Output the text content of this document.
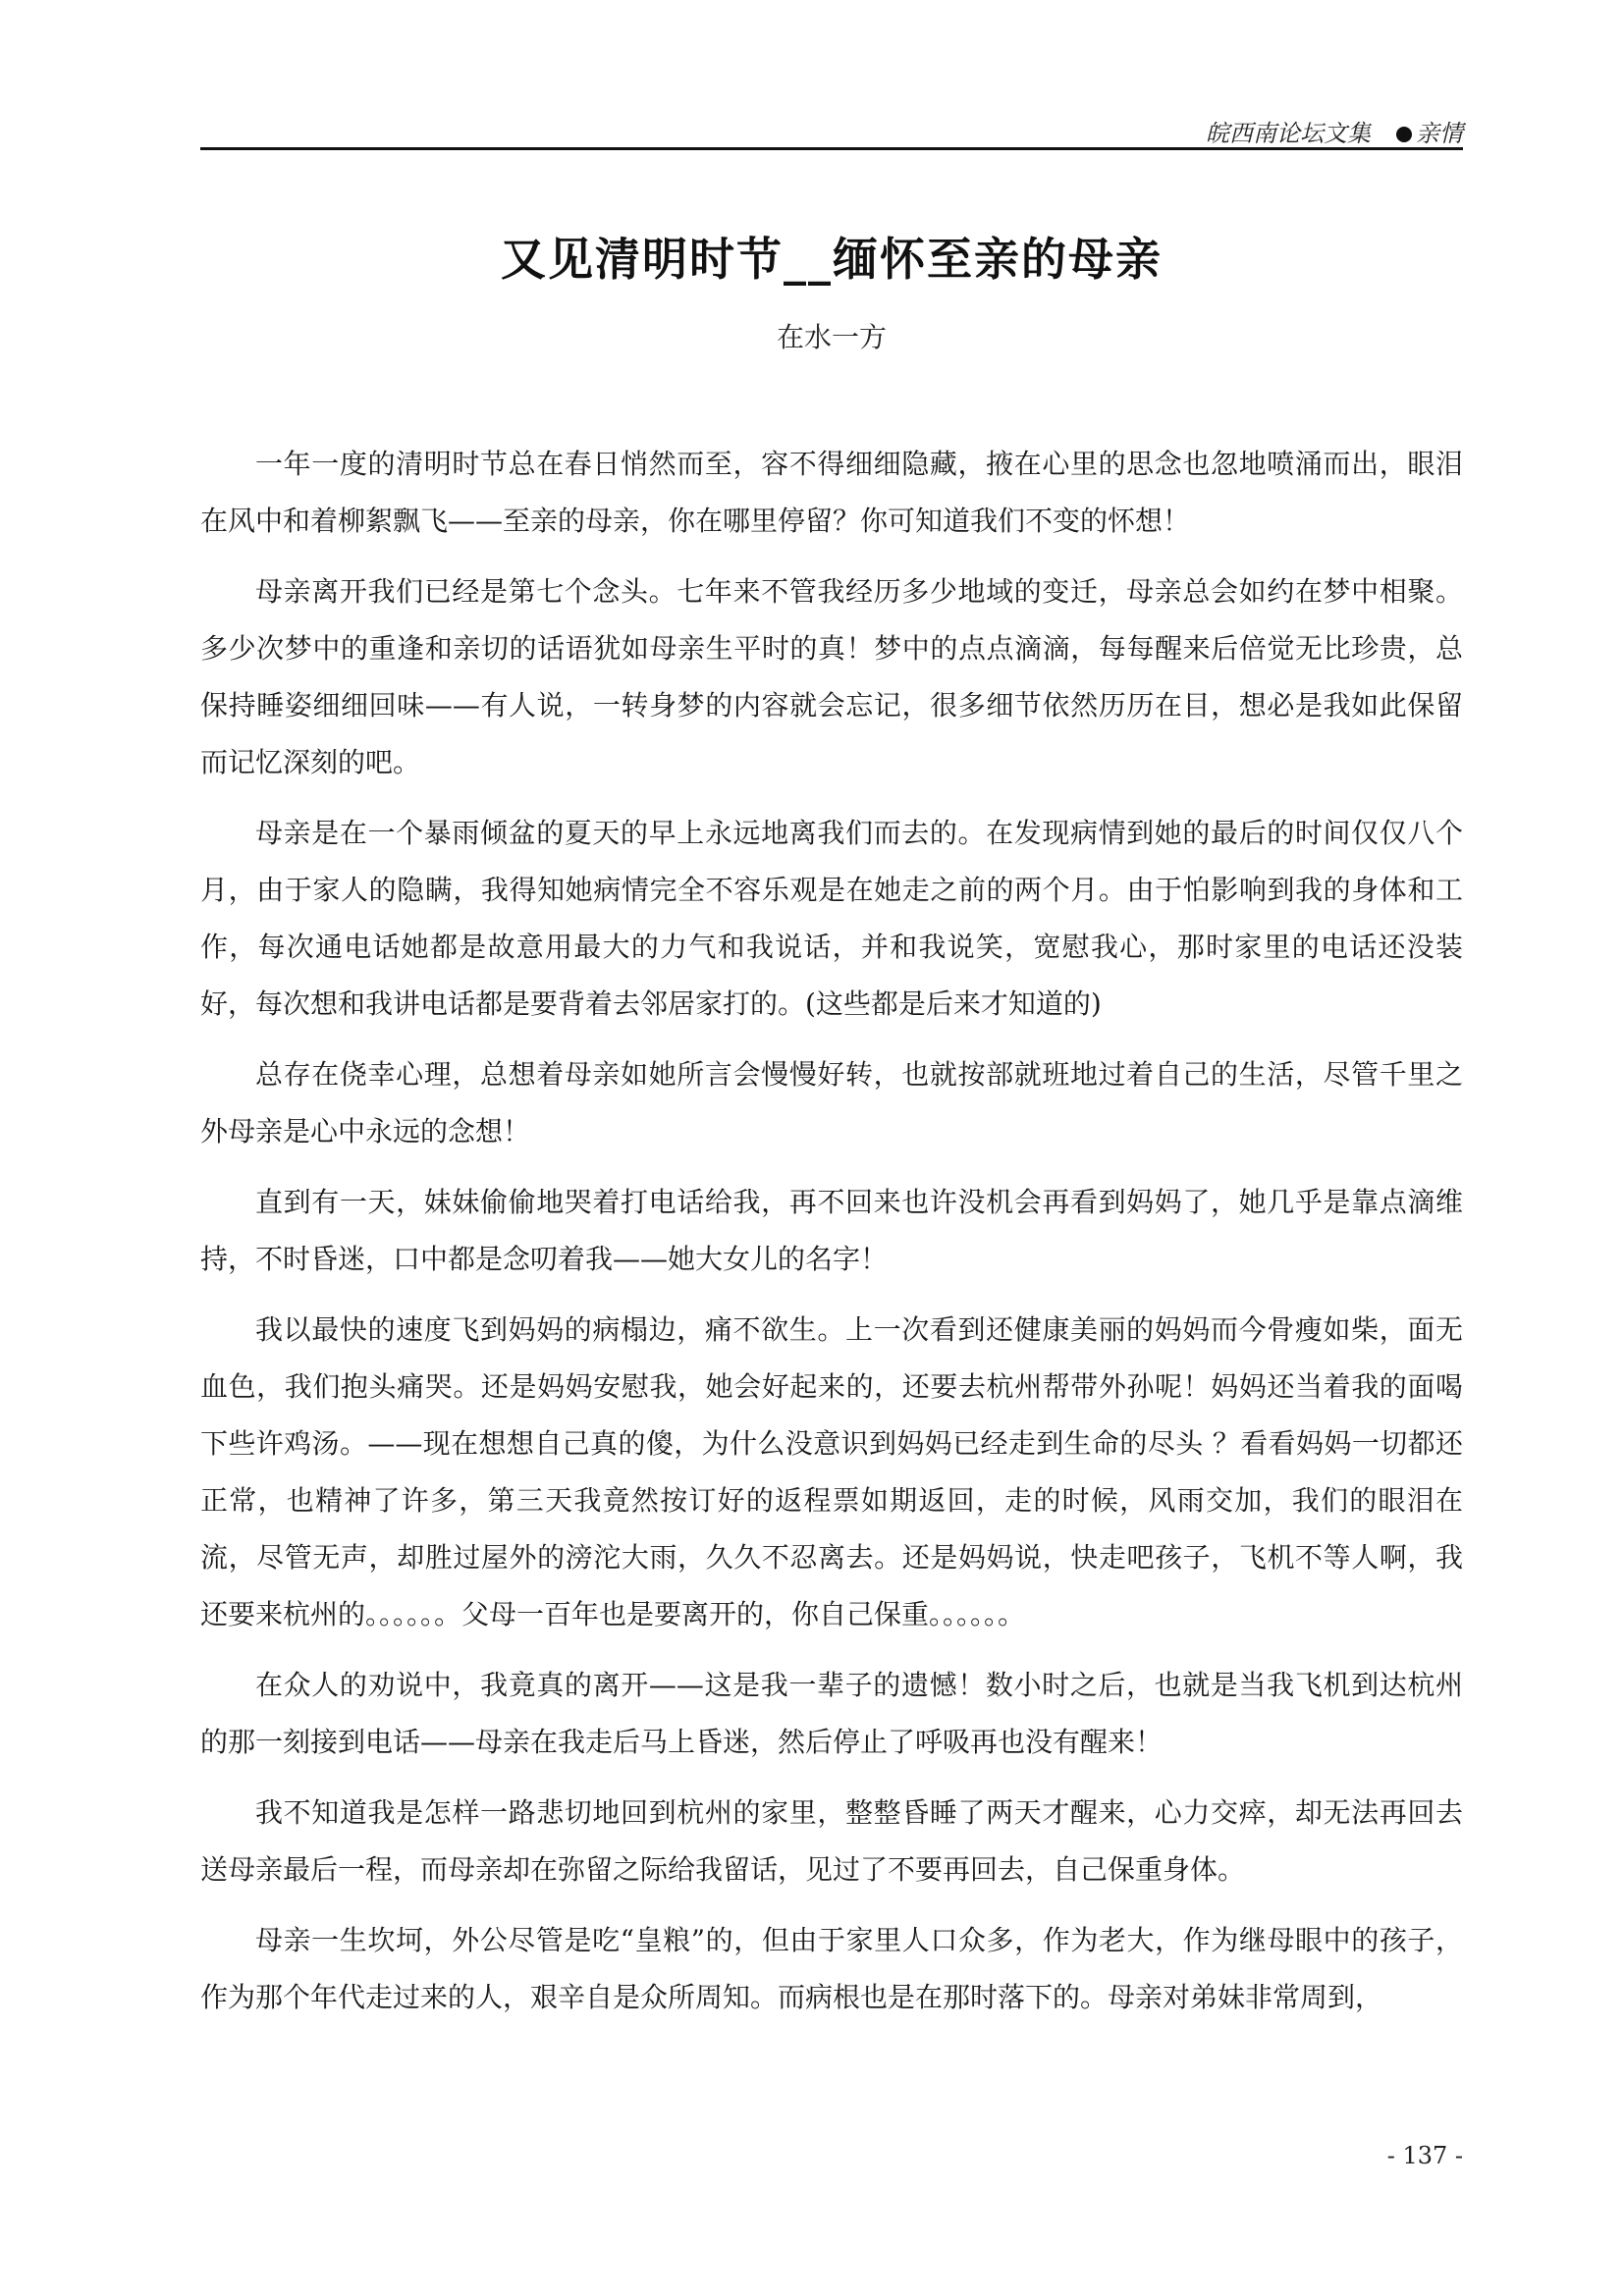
皖西南论坛文集 亲情
又见清明时节__缅怀至亲的母亲
在水一方

一年一度的清明时节总在春日悄然而至，容不得细细隐藏，掖在心里的思念也忽地喷涌而出，眼泪在风中和着柳絮飘飞——至亲的母亲，你在哪里停留？你可知道我们不变的怀想！

母亲离开我们已经是第七个念头。七年来不管我经历多少地域的变迁，母亲总会如约在梦中相聚。多少次梦中的重逢和亲切的话语犹如母亲生平时的真！梦中的点点滴滴，每每醒来后倍觉无比珍贵，总保持睡姿细细回味——有人说，一转身梦的内容就会忘记，很多细节依然历历在目，想必是我如此保留而记忆深刻的吧。

母亲是在一个暴雨倾盆的夏天的早上永远地离我们而去的。在发现病情到她的最后的时间仅仅八个月，由于家人的隐瞒，我得知她病情完全不容乐观是在她走之前的两个月。由于怕影响到我的身体和工作，每次通电话她都是故意用最大的力气和我说话，并和我说笑，宽慰我心，那时家里的电话还没装好，每次想和我讲电话都是要背着去邻居家打的。(这些都是后来才知道的)

总存在侥幸心理，总想着母亲如她所言会慢慢好转，也就按部就班地过着自己的生活，尽管千里之外母亲是心中永远的念想！

直到有一天，妹妹偷偷地哭着打电话给我，再不回来也许没机会再看到妈妈了，她几乎是靠点滴维持，不时昏迷，口中都是念叨着我——她大女儿的名字！

我以最快的速度飞到妈妈的病榻边，痛不欲生。上一次看到还健康美丽的妈妈而今骨瘦如柴，面无血色，我们抱头痛哭。还是妈妈安慰我，她会好起来的，还要去杭州帮带外孙呢！妈妈还当着我的面喝下些许鸡汤。——现在想想自己真的傻，为什么没意识到妈妈已经走到生命的尽头 ？看看妈妈一切都还正常，也精神了许多，第三天我竟然按订好的返程票如期返回，走的时候，风雨交加，我们的眼泪在流，尽管无声，却胜过屋外的滂沱大雨，久久不忍离去。还是妈妈说，快走吧孩子，飞机不等人啊，我还要来杭州的。。。。。。父母一百年也是要离开的，你自己保重。。。。。。

在众人的劝说中，我竟真的离开——这是我一辈子的遗憾！数小时之后，也就是当我飞机到达杭州的那一刻接到电话——母亲在我走后马上昏迷，然后停止了呼吸再也没有醒来！

我不知道我是怎样一路悲切地回到杭州的家里，整整昏睡了两天才醒来，心力交瘁，却无法再回去送母亲最后一程，而母亲却在弥留之际给我留话，见过了不要再回去，自己保重身体。

母亲一生坎坷，外公尽管是吃“皇粮”的，但由于家里人口众多，作为老大，作为继母眼中的孩子，作为那个年代走过来的人，艰辛自是众所周知。而病根也是在那时落下的。母亲对弟妹非常周到，

- 137 -
